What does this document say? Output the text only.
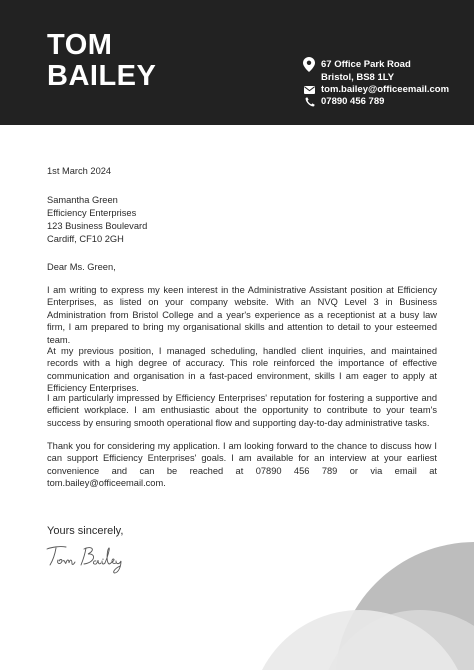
TOM
BAILEY	67 Office Park Road
Bristol, BS8 1LY
tom.bailey@officeemail.com
07890 456 789
1st March 2024
Samantha Green
Efficiency Enterprises
123 Business Boulevard
Cardiff, CF10 2GH
Dear Ms. Green,

I am writing to express my keen interest in the Administrative Assistant position at Efficiency Enterprises, as listed on your company website. With an NVQ Level 3 in Business Administration from Bristol College and a year's experience as a receptionist at a busy law firm, I am prepared to bring my organisational skills and attention to detail to your esteemed team.

At my previous position, I managed scheduling, handled client inquiries, and maintained records with a high degree of accuracy. This role reinforced the importance of effective communication and organisation in a fast-paced environment, skills I am eager to apply at Efficiency Enterprises.

I am particularly impressed by Efficiency Enterprises' reputation for fostering a supportive and efficient workplace. I am enthusiastic about the opportunity to contribute to your team's success by ensuring smooth operational flow and supporting day-to-day administrative tasks.

Thank you for considering my application. I am looking forward to the chance to discuss how I can support Efficiency Enterprises' goals. I am available for an interview at your earliest convenience and can be reached at 07890 456 789 or via email at tom.bailey@officeemail.com.

Yours sincerely,
